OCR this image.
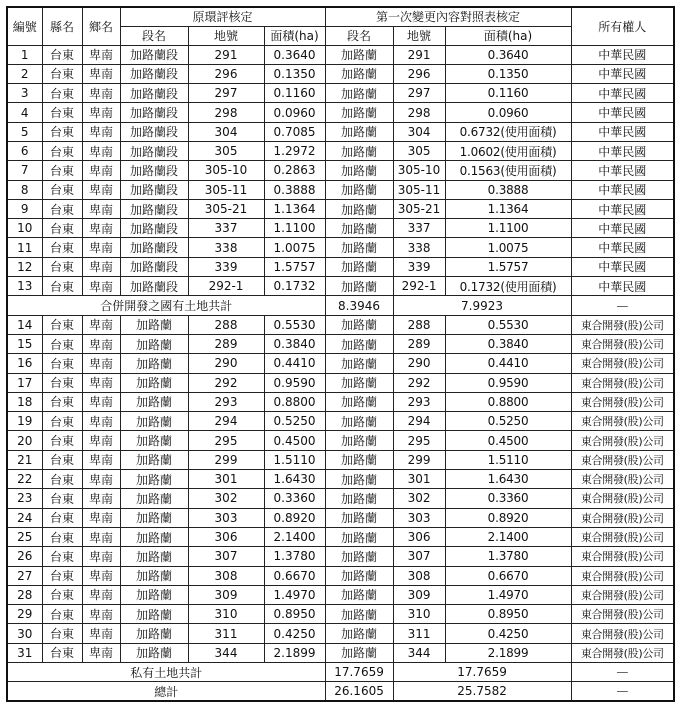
編號	縣名	鄉名	原環評核定			第一次變更內容對照表核定			所有權人
			段名	地號	面積(ha)	段名	地號	面積(ha)	
1	台東	卑南	加路蘭段	291	0.3640	加路蘭	291	0.3640	中華民國
2	台東	卑南	加路蘭段	296	0.1350	加路蘭	296	0.1350	中華民國
3	台東	卑南	加路蘭段	297	0.1160	加路蘭	297	0.1160	中華民國
4	台東	卑南	加路蘭段	298	0.0960	加路蘭	298	0.0960	中華民國
5	台東	卑南	加路蘭段	304	0.7085	加路蘭	304	0.6732(使用面積)	中華民國
6	台東	卑南	加路蘭段	305	1.2972	加路蘭	305	1.0602(使用面積)	中華民國
7	台東	卑南	加路蘭段	305-10	0.2863	加路蘭	305-10	0.1563(使用面積)	中華民國
8	台東	卑南	加路蘭段	305-11	0.3888	加路蘭	305-11	0.3888	中華民國
9	台東	卑南	加路蘭段	305-21	1.1364	加路蘭	305-21	1.1364	中華民國
10	台東	卑南	加路蘭段	337	1.1100	加路蘭	337	1.1100	中華民國
11	台東	卑南	加路蘭段	338	1.0075	加路蘭	338	1.0075	中華民國
12	台東	卑南	加路蘭段	339	1.5757	加路蘭	339	1.5757	中華民國
13	台東	卑南	加路蘭段	292-1	0.1732	加路蘭	292-1	0.1732(使用面積)	中華民國
合併開發之國有土地共計						8.3946	7.9923		—
14	台東	卑南	加路蘭	288	0.5530	加路蘭	288	0.5530	東合開發(股)公司
15	台東	卑南	加路蘭	289	0.3840	加路蘭	289	0.3840	東合開發(股)公司
16	台東	卑南	加路蘭	290	0.4410	加路蘭	290	0.4410	東合開發(股)公司
17	台東	卑南	加路蘭	292	0.9590	加路蘭	292	0.9590	東合開發(股)公司
18	台東	卑南	加路蘭	293	0.8800	加路蘭	293	0.8800	東合開發(股)公司
19	台東	卑南	加路蘭	294	0.5250	加路蘭	294	0.5250	東合開發(股)公司
20	台東	卑南	加路蘭	295	0.4500	加路蘭	295	0.4500	東合開發(股)公司
21	台東	卑南	加路蘭	299	1.5110	加路蘭	299	1.5110	東合開發(股)公司
22	台東	卑南	加路蘭	301	1.6430	加路蘭	301	1.6430	東合開發(股)公司
23	台東	卑南	加路蘭	302	0.3360	加路蘭	302	0.3360	東合開發(股)公司
24	台東	卑南	加路蘭	303	0.8920	加路蘭	303	0.8920	東合開發(股)公司
25	台東	卑南	加路蘭	306	2.1400	加路蘭	306	2.1400	東合開發(股)公司
26	台東	卑南	加路蘭	307	1.3780	加路蘭	307	1.3780	東合開發(股)公司
27	台東	卑南	加路蘭	308	0.6670	加路蘭	308	0.6670	東合開發(股)公司
28	台東	卑南	加路蘭	309	1.4970	加路蘭	309	1.4970	東合開發(股)公司
29	台東	卑南	加路蘭	310	0.8950	加路蘭	310	0.8950	東合開發(股)公司
30	台東	卑南	加路蘭	311	0.4250	加路蘭	311	0.4250	東合開發(股)公司
31	台東	卑南	加路蘭	344	2.1899	加路蘭	344	2.1899	東合開發(股)公司
私有土地共計						17.7659	17.7659		—
總計						26.1605	25.7582		—
